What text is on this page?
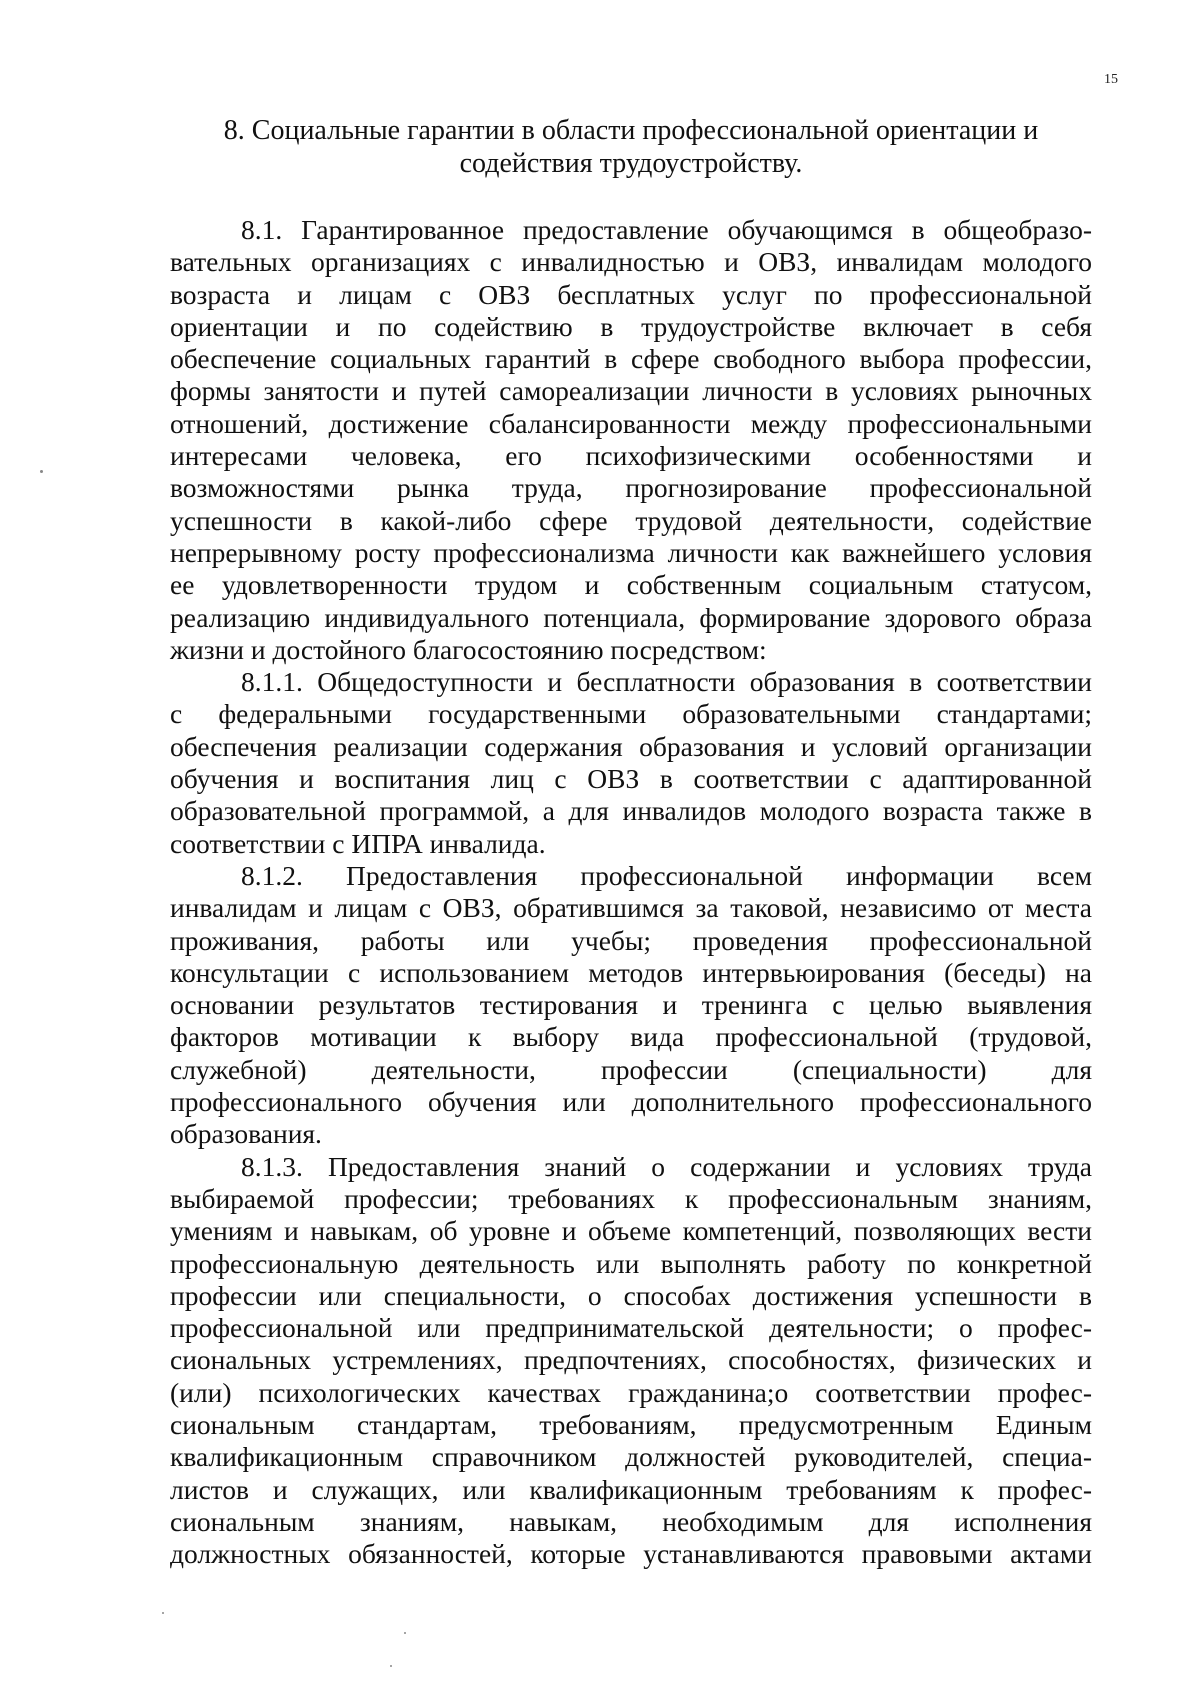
15
8. Социальные гарантии в области профессиональной ориентации и
содействия трудоустройству.
8.1. Гарантированное предоставление обучающимся в общеобразо-
вательных организациях с инвалидностью и ОВЗ, инвалидам молодого
возраста и лицам с ОВЗ бесплатных услуг по профессиональной
ориентации и по содействию в трудоустройстве включает в себя
обеспечение социальных гарантий в сфере свободного выбора профессии,
формы занятости и путей самореализации личности в условиях рыночных
отношений, достижение сбалансированности между профессиональными
интересами человека, его психофизическими особенностями и
возможностями рынка труда, прогнозирование профессиональной
успешности в какой-либо сфере трудовой деятельности, содействие
непрерывному росту профессионализма личности как важнейшего условия
ее удовлетворенности трудом и собственным социальным статусом,
реализацию индивидуального потенциала, формирование здорового образа
жизни и достойного благосостоянию посредством:
8.1.1. Общедоступности и бесплатности образования в соответствии
с федеральными государственными образовательными стандартами;
обеспечения реализации содержания образования и условий организации
обучения и воспитания лиц с ОВЗ в соответствии с адаптированной
образовательной программой, а для инвалидов молодого возраста также в
соответствии с ИПРА инвалида.
8.1.2. Предоставления профессиональной информации всем
инвалидам и лицам с ОВЗ, обратившимся за таковой, независимо от места
проживания, работы или учебы; проведения профессиональной
консультации с использованием методов интервьюирования (беседы) на
основании результатов тестирования и тренинга с целью выявления
факторов мотивации к выбору вида профессиональной (трудовой,
служебной) деятельности, профессии (специальности) для
профессионального обучения или дополнительного профессионального
образования.
8.1.3. Предоставления знаний о содержании и условиях труда
выбираемой профессии; требованиях к профессиональным знаниям,
умениям и навыкам, об уровне и объеме компетенций, позволяющих вести
профессиональную деятельность или выполнять работу по конкретной
профессии или специальности, о способах достижения успешности в
профессиональной или предпринимательской деятельности; о профес-
сиональных устремлениях, предпочтениях, способностях, физических и
(или) психологических качествах гражданина;о соответствии профес-
сиональным стандартам, требованиям, предусмотренным Единым
квалификационным справочником должностей руководителей, специа-
листов и служащих, или квалификационным требованиям к профес-
сиональным знаниям, навыкам, необходимым для исполнения
должностных обязанностей, которые устанавливаются правовыми актами
